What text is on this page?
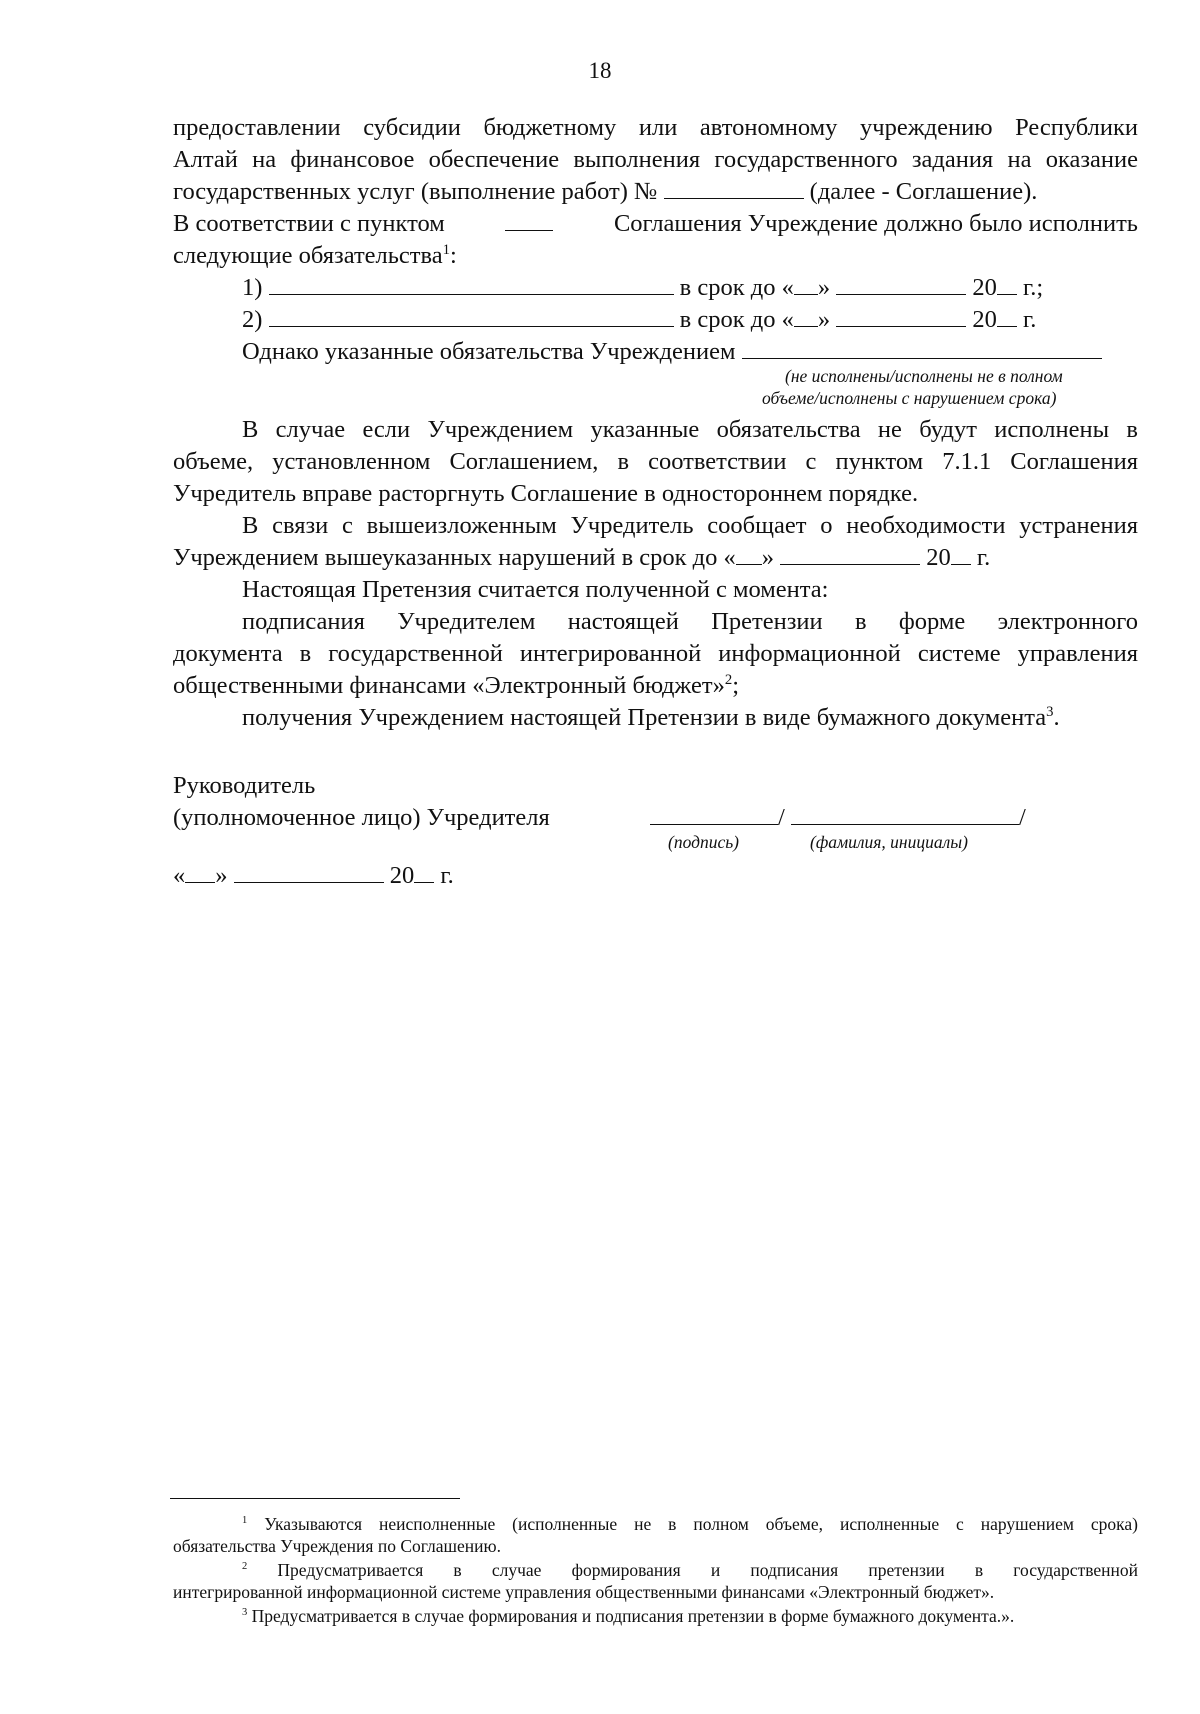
18
предоставлении субсидии бюджетному или автономному учреждению Республики
Алтай на финансовое обеспечение выполнения государственного задания на оказание
государственных услуг (выполнение работ) №	(далее - Соглашение).
В соответствии с пунктом	Соглашения Учреждение должно было исполнить
следующие обязательства$^1$:
1)	в срок до « »	20 г.;
2)	в срок до « »	20 г.
Однако указанные обязательства Учреждением
(не исполнены/исполнены не в полном
объеме/исполнены с нарушением срока)
В случае если Учреждением указанные обязательства не будут исполнены в
объеме, установленном Соглашением, в соответствии с пунктом 7.1.1 Соглашения
Учредитель вправе расторгнуть Соглашение в одностороннем порядке.
В связи с вышеизложенным Учредитель сообщает о необходимости устранения
Учреждением вышеуказанных нарушений в срок до « »	20 г.
Настоящая Претензия считается полученной с момента:
подписания Учредителем настоящей Претензии в форме электронного
документа в государственной интегрированной информационной системе управления
общественными финансами «Электронный бюджет»$^2$;
получения Учреждением настоящей Претензии в виде бумажного документа$^3$.
Руководитель
(уполномоченное лицо) Учредителя	/	/
(подпись)	(фамилия, инициалы)
« »	20 г.
$^1$ Указываются неисполненные (исполненные не в полном объеме, исполненные с нарушением срока)
обязательства Учреждения по Соглашению.
$^2$ Предусматривается в случае формирования и подписания претензии в государственной
интегрированной информационной системе управления общественными финансами «Электронный бюджет».
$^3$ Предусматривается в случае формирования и подписания претензии в форме бумажного документа.».
